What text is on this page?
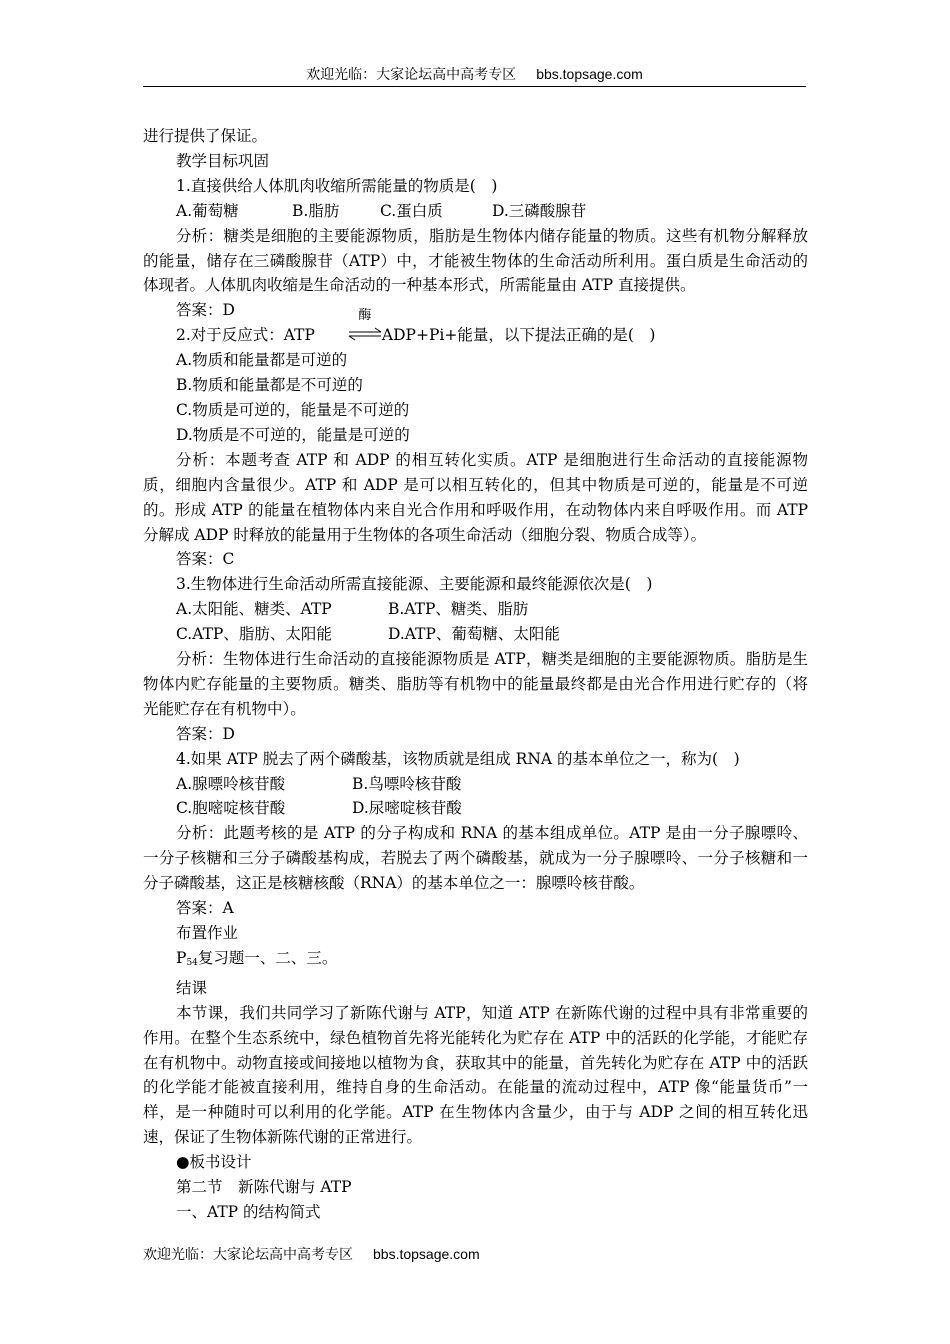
欢迎光临：大家论坛高中高考专区 bbs.topsage.com

进行提供了保证。

教学目标巩固

1.直接供给人体肌肉收缩所需能量的物质是(　)

A.葡萄糖	B.脂肪	C.蛋白质	D.三磷酸腺苷

分析：糖类是细胞的主要能源物质，脂肪是生物体内储存能量的物质。这些有机物分解释放的能量，储存在三磷酸腺苷（ATP）中，才能被生物体的生命活动所利用。蛋白质是生命活动的体现者。人体肌肉收缩是生命活动的一种基本形式，所需能量由 ATP 直接提供。

答案：D

2.对于反应式：ATP
酶
ADP+Pi+能量，以下提法正确的是(　)

A.物质和能量都是可逆的

B.物质和能量都是不可逆的

C.物质是可逆的，能量是不可逆的

D.物质是不可逆的，能量是可逆的

分析：本题考查 ATP 和 ADP 的相互转化实质。ATP 是细胞进行生命活动的直接能源物质，细胞内含量很少。ATP 和 ADP 是可以相互转化的，但其中物质是可逆的，能量是不可逆的。形成 ATP 的能量在植物体内来自光合作用和呼吸作用，在动物体内来自呼吸作用。而 ATP 分解成 ADP 时释放的能量用于生物体的各项生命活动（细胞分裂、物质合成等）。

答案：C

3.生物体进行生命活动所需直接能源、主要能源和最终能源依次是(　)

A.太阳能、糖类、ATP	B.ATP、糖类、脂肪
C.ATP、脂肪、太阳能	D.ATP、葡萄糖、太阳能

分析：生物体进行生命活动的直接能源物质是 ATP，糖类是细胞的主要能源物质。脂肪是生物体内贮存能量的主要物质。糖类、脂肪等有机物中的能量最终都是由光合作用进行贮存的（将光能贮存在有机物中）。

答案：D

4.如果 ATP 脱去了两个磷酸基，该物质就是组成 RNA 的基本单位之一，称为(　)

A.腺嘌呤核苷酸	B.鸟嘌呤核苷酸
C.胞嘧啶核苷酸	D.尿嘧啶核苷酸

分析：此题考核的是 ATP 的分子构成和 RNA 的基本组成单位。ATP 是由一分子腺嘌呤、一分子核糖和三分子磷酸基构成，若脱去了两个磷酸基，就成为一分子腺嘌呤、一分子核糖和一分子磷酸基，这正是核糖核酸（RNA）的基本单位之一：腺嘌呤核苷酸。

答案：A

布置作业

$P_{54}$复习题一、二、三。

结课

本节课，我们共同学习了新陈代谢与 ATP，知道 ATP 在新陈代谢的过程中具有非常重要的作用。在整个生态系统中，绿色植物首先将光能转化为贮存在 ATP 中的活跃的化学能，才能贮存在有机物中。动物直接或间接地以植物为食，获取其中的能量，首先转化为贮存在 ATP 中的活跃的化学能才能被直接利用，维持自身的生命活动。在能量的流动过程中，ATP 像“能量货币”一样，是一种随时可以利用的化学能。ATP 在生物体内含量少，由于与 ADP 之间的相互转化迅速，保证了生物体新陈代谢的正常进行。

●板书设计

第二节　新陈代谢与 ATP

一、ATP 的结构简式

欢迎光临：大家论坛高中高考专区 bbs.topsage.com
